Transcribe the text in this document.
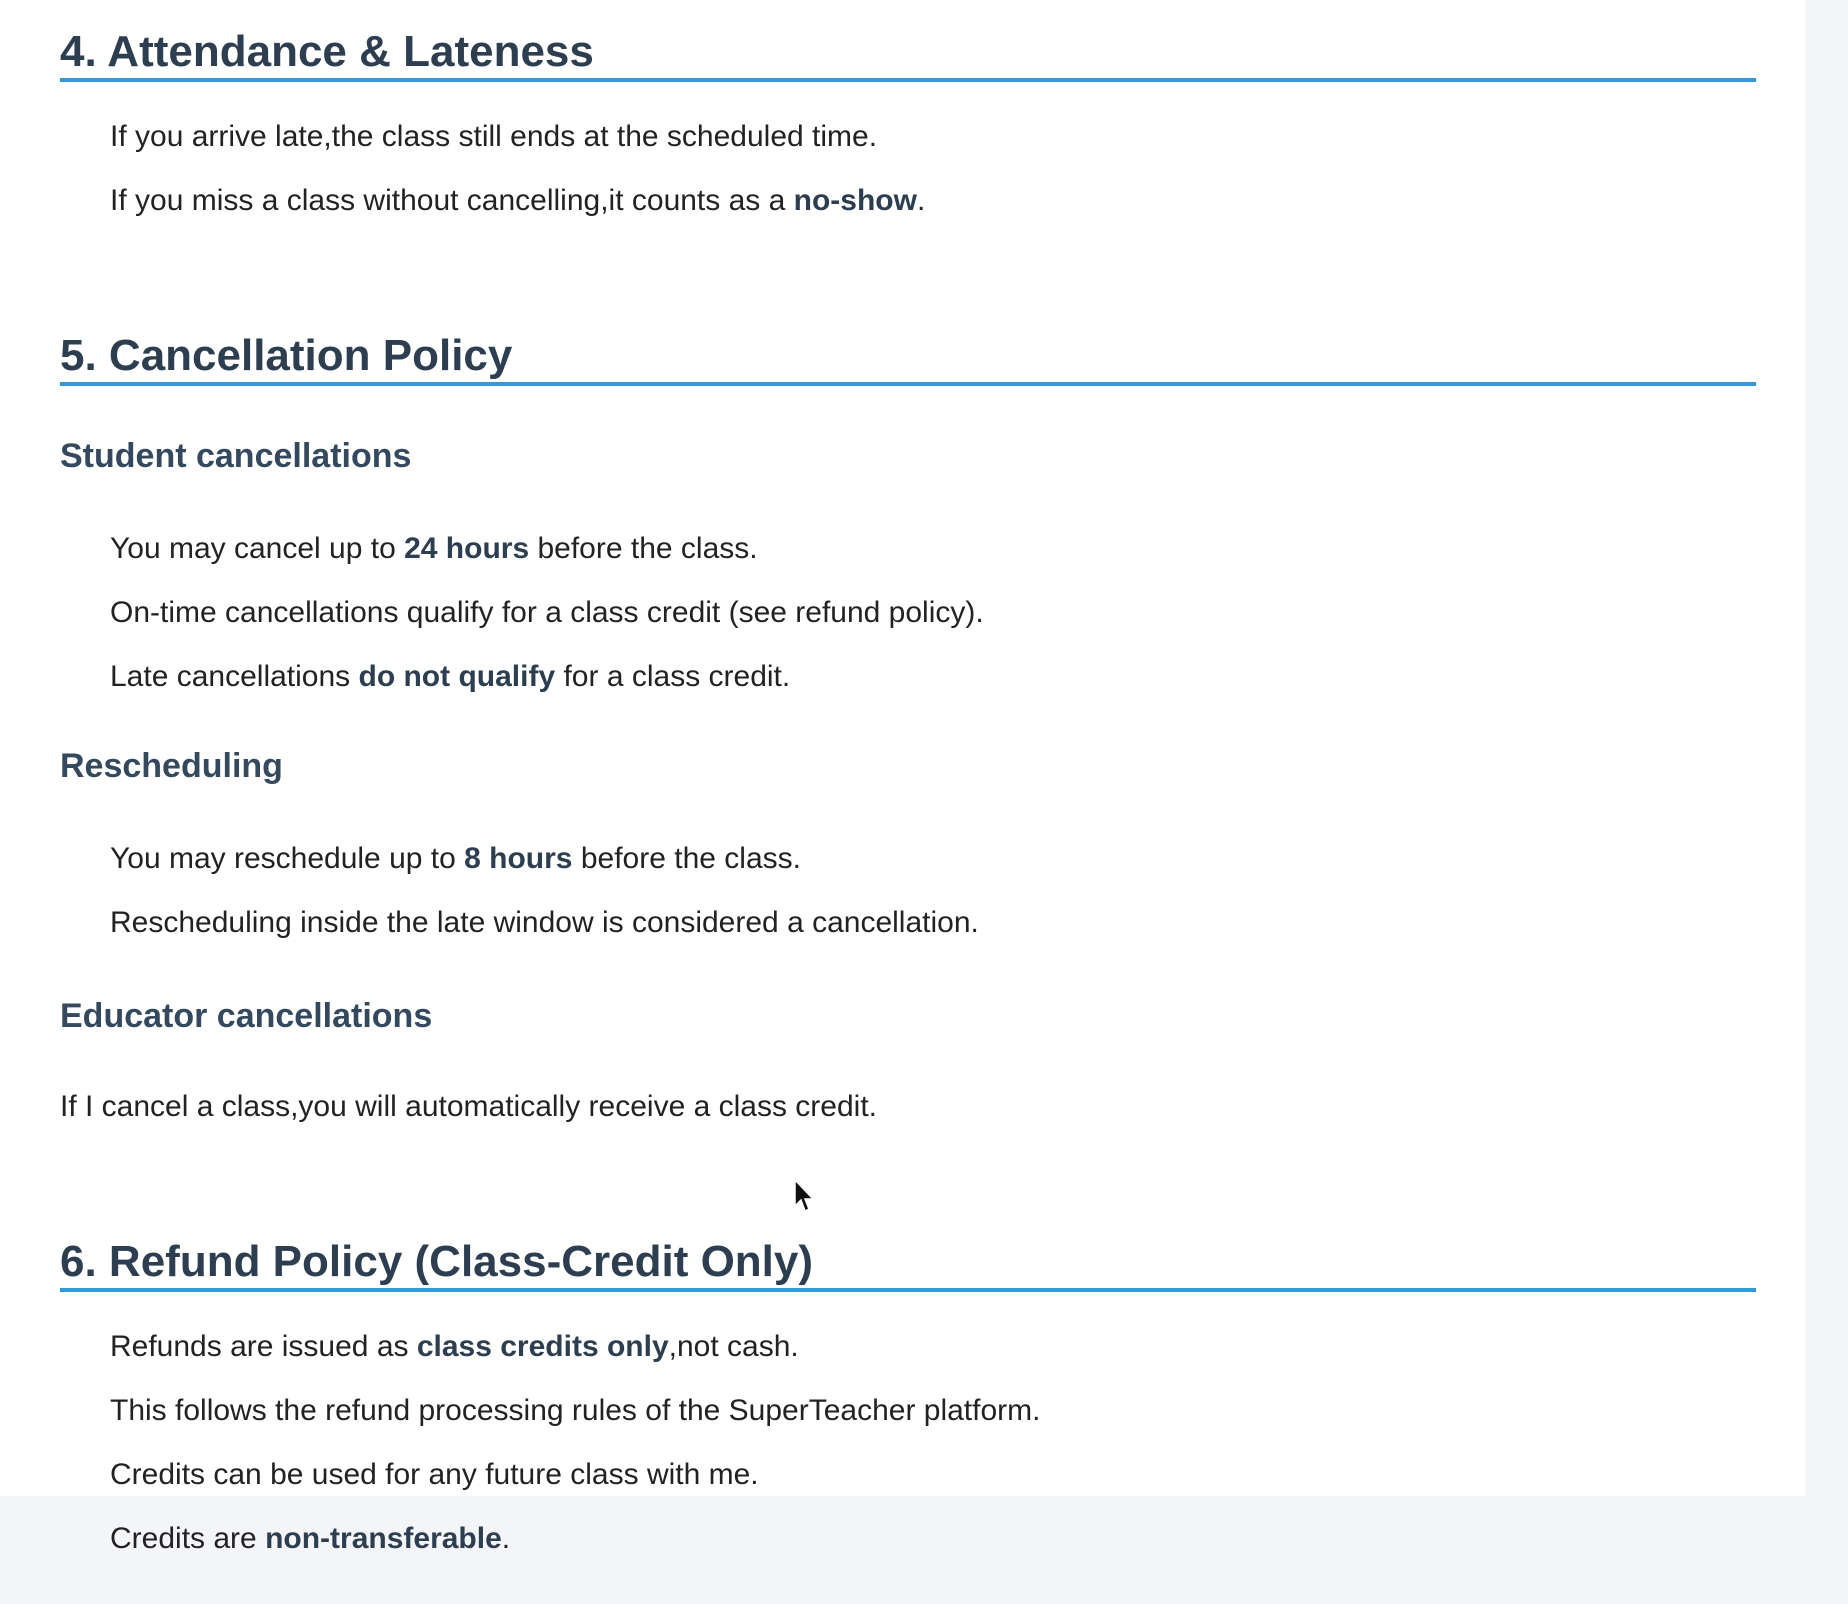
4. Attendance & Lateness
If you arrive late,the class still ends at the scheduled time.
If you miss a class without cancelling,it counts as a no-show.
5. Cancellation Policy
Student cancellations
You may cancel up to 24 hours before the class.
On-time cancellations qualify for a class credit (see refund policy).
Late cancellations do not qualify for a class credit.
Rescheduling
You may reschedule up to 8 hours before the class.
Rescheduling inside the late window is considered a cancellation.
Educator cancellations

If I cancel a class,you will automatically receive a class credit.

6. Refund Policy (Class-Credit Only)
Refunds are issued as class credits only,not cash.
This follows the refund processing rules of the SuperTeacher platform.
Credits can be used for any future class with me.
Credits are non-transferable.
